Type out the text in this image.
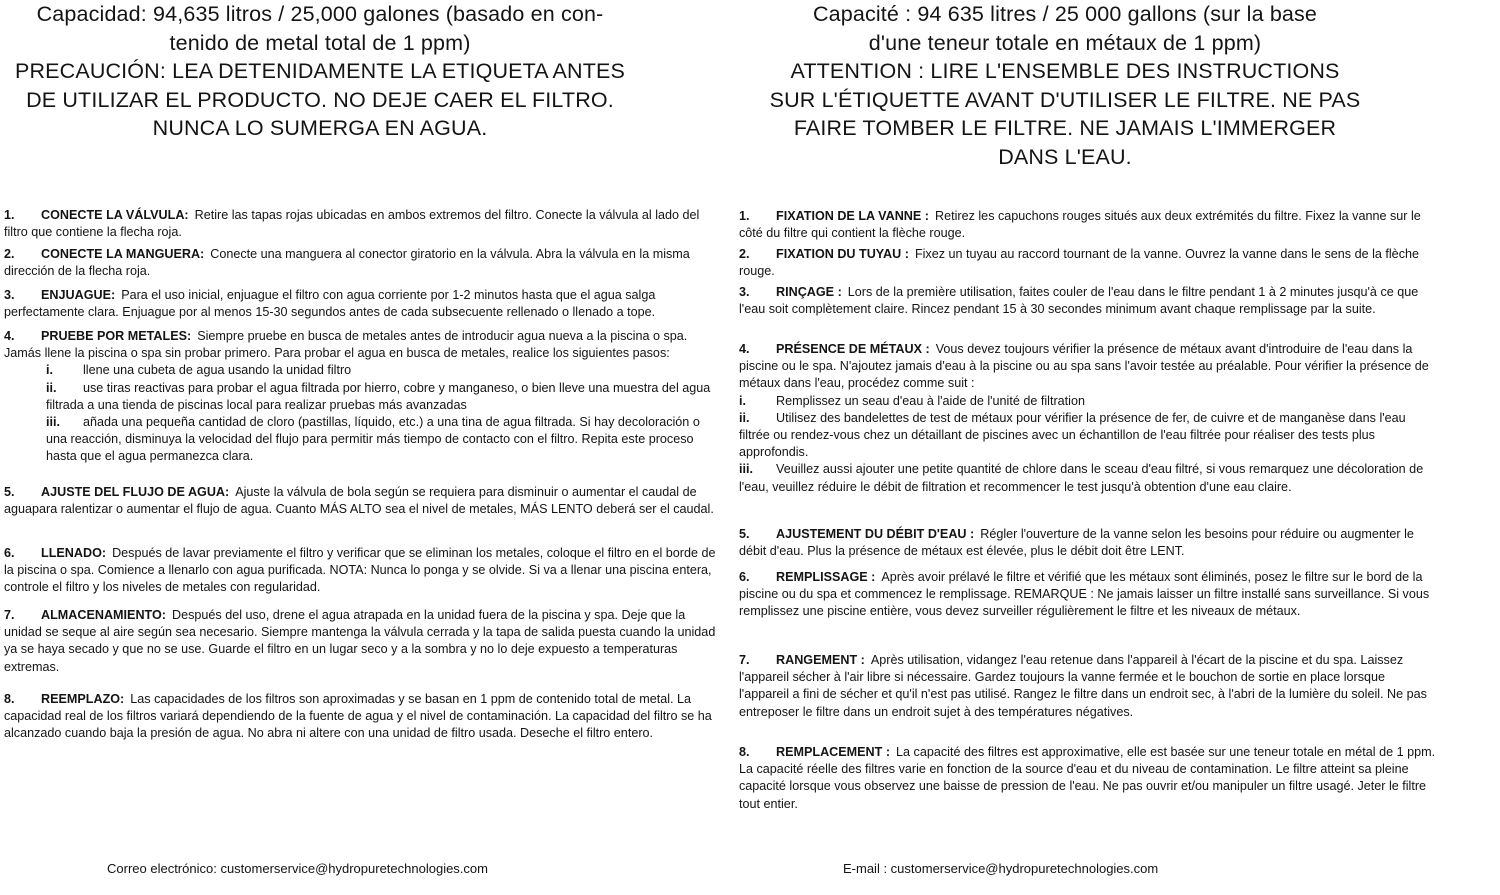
Capacidad: 94,635 litros / 25,000 galones (basado en con-
tenido de metal total de 1 ppm)
PRECAUCIÓN: LEA DETENIDAMENTE LA ETIQUETA ANTES
DE UTILIZAR EL PRODUCTO. NO DEJE CAER EL FILTRO.
NUNCA LO SUMERGA EN AGUA.

1. CONECTE LA VÁLVULA: Retire las tapas rojas ubicadas en ambos extremos del filtro. Conecte la válvula al lado del filtro que contiene la flecha roja.
2. CONECTE LA MANGUERA: Conecte una manguera al conector giratorio en la válvula. Abra la válvula en la misma dirección de la flecha roja.
3. ENJUAGUE: Para el uso inicial, enjuague el filtro con agua corriente por 1-2 minutos hasta que el agua salga perfectamente clara. Enjuague por al menos 15-30 segundos antes de cada subsecuente rellenado o llenado a tope.
4. PRUEBE POR METALES: Siempre pruebe en busca de metales antes de introducir agua nueva a la piscina o spa. Jamás llene la piscina o spa sin probar primero. Para probar el agua en busca de metales, realice los siguientes pasos:
i. llene una cubeta de agua usando la unidad filtro
ii. use tiras reactivas para probar el agua filtrada por hierro, cobre y manganeso, o bien lleve una muestra del agua filtrada a una tienda de piscinas local para realizar pruebas más avanzadas
iii. añada una pequeña cantidad de cloro (pastillas, líquido, etc.) a una tina de agua filtrada. Si hay decoloración o una reacción, disminuya la velocidad del flujo para permitir más tiempo de contacto con el filtro. Repita este proceso hasta que el agua permanezca clara.
5. AJUSTE DEL FLUJO DE AGUA: Ajuste la válvula de bola según se requiera para disminuir o aumentar el caudal de aguapara ralentizar o aumentar el flujo de agua. Cuanto MÁS ALTO sea el nivel de metales, MÁS LENTO deberá ser el caudal.
6. LLENADO: Después de lavar previamente el filtro y verificar que se eliminan los metales, coloque el filtro en el borde de la piscina o spa. Comience a llenarlo con agua purificada. NOTA: Nunca lo ponga y se olvide. Si va a llenar una piscina entera, controle el filtro y los niveles de metales con regularidad.
7. ALMACENAMIENTO: Después del uso, drene el agua atrapada en la unidad fuera de la piscina y spa. Deje que la unidad se seque al aire según sea necesario. Siempre mantenga la válvula cerrada y la tapa de salida puesta cuando la unidad ya se haya secado y que no se use. Guarde el filtro en un lugar seco y a la sombra y no lo deje expuesto a temperaturas extremas.
8. REEMPLAZO: Las capacidades de los filtros son aproximadas y se basan en 1 ppm de contenido total de metal. La capacidad real de los filtros variará dependiendo de la fuente de agua y el nivel de contaminación. La capacidad del filtro se ha alcanzado cuando baja la presión de agua. No abra ni altere con una unidad de filtro usada. Deseche el filtro entero.
Correo electrónico: customerservice@hydropuretechnologies.com

Capacité : 94 635 litres / 25 000 gallons (sur la base
d'une teneur totale en métaux de 1 ppm)
ATTENTION : LIRE L'ENSEMBLE DES INSTRUCTIONS
SUR L'ÉTIQUETTE AVANT D'UTILISER LE FILTRE. NE PAS
FAIRE TOMBER LE FILTRE. NE JAMAIS L'IMMERGER
DANS L'EAU.

1. FIXATION DE LA VANNE : Retirez les capuchons rouges situés aux deux extrémités du filtre. Fixez la vanne sur le côté du filtre qui contient la flèche rouge.
2. FIXATION DU TUYAU : Fixez un tuyau au raccord tournant de la vanne. Ouvrez la vanne dans le sens de la flèche rouge.
3. RINÇAGE : Lors de la première utilisation, faites couler de l'eau dans le filtre pendant 1 à 2 minutes jusqu'à ce que l'eau soit complètement claire. Rincez pendant 15 à 30 secondes minimum avant chaque remplissage par la suite.
4. PRÉSENCE DE MÉTAUX : Vous devez toujours vérifier la présence de métaux avant d'introduire de l'eau dans la piscine ou le spa. N'ajoutez jamais d'eau à la piscine ou au spa sans l'avoir testée au préalable. Pour vérifier la présence de métaux dans l'eau, procédez comme suit :
i. Remplissez un seau d'eau à l'aide de l'unité de filtration
ii. Utilisez des bandelettes de test de métaux pour vérifier la présence de fer, de cuivre et de manganèse dans l'eau filtrée ou rendez-vous chez un détaillant de piscines avec un échantillon de l'eau filtrée pour réaliser des tests plus approfondis.
iii. Veuillez aussi ajouter une petite quantité de chlore dans le sceau d'eau filtré, si vous remarquez une décoloration de l'eau, veuillez réduire le débit de filtration et recommencer le test jusqu'à obtention d'une eau claire.
5. AJUSTEMENT DU DÉBIT D'EAU : Régler l'ouverture de la vanne selon les besoins pour réduire ou augmenter le débit d'eau. Plus la présence de métaux est élevée, plus le débit doit être LENT.
6. REMPLISSAGE : Après avoir prélavé le filtre et vérifié que les métaux sont éliminés, posez le filtre sur le bord de la piscine ou du spa et commencez le remplissage. REMARQUE : Ne jamais laisser un filtre installé sans surveillance. Si vous remplissez une piscine entière, vous devez surveiller régulièrement le filtre et les niveaux de métaux.
7. RANGEMENT : Après utilisation, vidangez l'eau retenue dans l'appareil à l'écart de la piscine et du spa. Laissez l'appareil sécher à l'air libre si nécessaire. Gardez toujours la vanne fermée et le bouchon de sortie en place lorsque l'appareil a fini de sécher et qu'il n'est pas utilisé. Rangez le filtre dans un endroit sec, à l'abri de la lumière du soleil. Ne pas entreposer le filtre dans un endroit sujet à des températures négatives.
8. REMPLACEMENT : La capacité des filtres est approximative, elle est basée sur une teneur totale en métal de 1 ppm. La capacité réelle des filtres varie en fonction de la source d'eau et du niveau de contamination. Le filtre atteint sa pleine capacité lorsque vous observez une baisse de pression de l'eau. Ne pas ouvrir et/ou manipuler un filtre usagé. Jeter le filtre tout entier.
E-mail : customerservice@hydropuretechnologies.com
